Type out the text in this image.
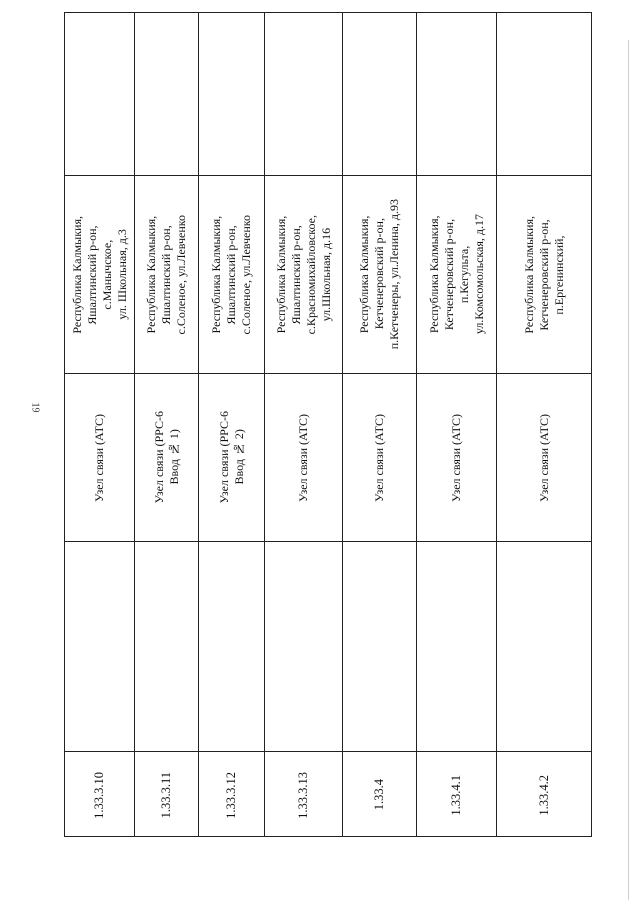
19
Республика Калмыкия,
Яшалтинский р-он,
с.Манычское,
ул. Школьная, д.3
Узел связи (АТС)
1.33.3.10
Республика Калмыкия,
Яшалтинский р-он,
с.Соленое, ул.Левченко
Узел связи (РРС-6
Ввод № 1)
1.33.3.11
Республика Калмыкия,
Яшалтинский р-он,
с.Соленое, ул.Левченко
Узел связи (РРС-6
Ввод № 2)
1.33.3.12
Республика Калмыкия,
Яшалтинский р-он,
с.Красномихайловское,
ул.Школьная, д.16
Узел связи (АТС)
1.33.3.13
Республика Калмыкия,
Кетченеровский р-он,
п.Кетченеры, ул.Ленина, д.93
Узел связи (АТС)
1.33.4
Республика Калмыкия,
Кетченеровский р-он,
п.Кегульта,
ул.Комсомольская, д.17
Узел связи (АТС)
1.33.4.1
Республика Калмыкия,
Кетченеровский р-он,
п.Ергенинский,
Узел связи (АТС)
1.33.4.2
